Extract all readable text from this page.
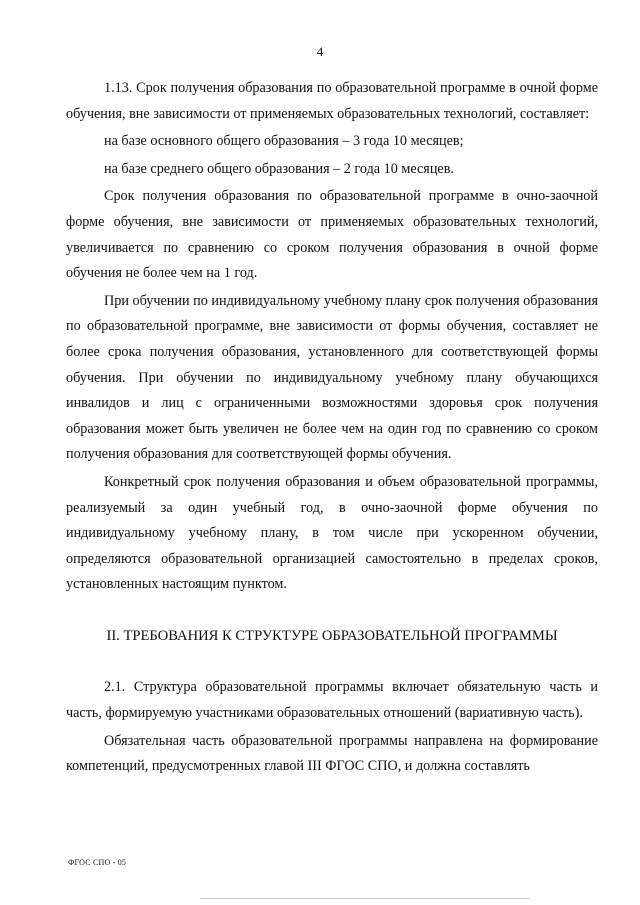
4

1.13. Срок получения образования по образовательной программе в очной форме обучения, вне зависимости от применяемых образовательных технологий, составляет:

на базе основного общего образования – 3 года 10 месяцев;

на базе среднего общего образования – 2 года 10 месяцев.

Срок получения образования по образовательной программе в очно-заочной форме обучения, вне зависимости от применяемых образовательных технологий, увеличивается по сравнению со сроком получения образования в очной форме обучения не более чем на 1 год.

При обучении по индивидуальному учебному плану срок получения образования по образовательной программе, вне зависимости от формы обучения, составляет не более срока получения образования, установленного для соответствующей формы обучения. При обучении по индивидуальному учебному плану обучающихся инвалидов и лиц с ограниченными возможностями здоровья срок получения образования может быть увеличен не более чем на один год по сравнению со сроком получения образования для соответствующей формы обучения.

Конкретный срок получения образования и объем образовательной программы, реализуемый за один учебный год, в очно-заочной форме обучения по индивидуальному учебному плану, в том числе при ускоренном обучении, определяются образовательной организацией самостоятельно в пределах сроков, установленных настоящим пунктом.

II. ТРЕБОВАНИЯ К СТРУКТУРЕ ОБРАЗОВАТЕЛЬНОЙ ПРОГРАММЫ

2.1. Структура образовательной программы включает обязательную часть и часть, формируемую участниками образовательных отношений (вариативную часть).

Обязательная часть образовательной программы направлена на формирование компетенций, предусмотренных главой III ФГОС СПО, и должна составлять

ФГОС СПО - 05
